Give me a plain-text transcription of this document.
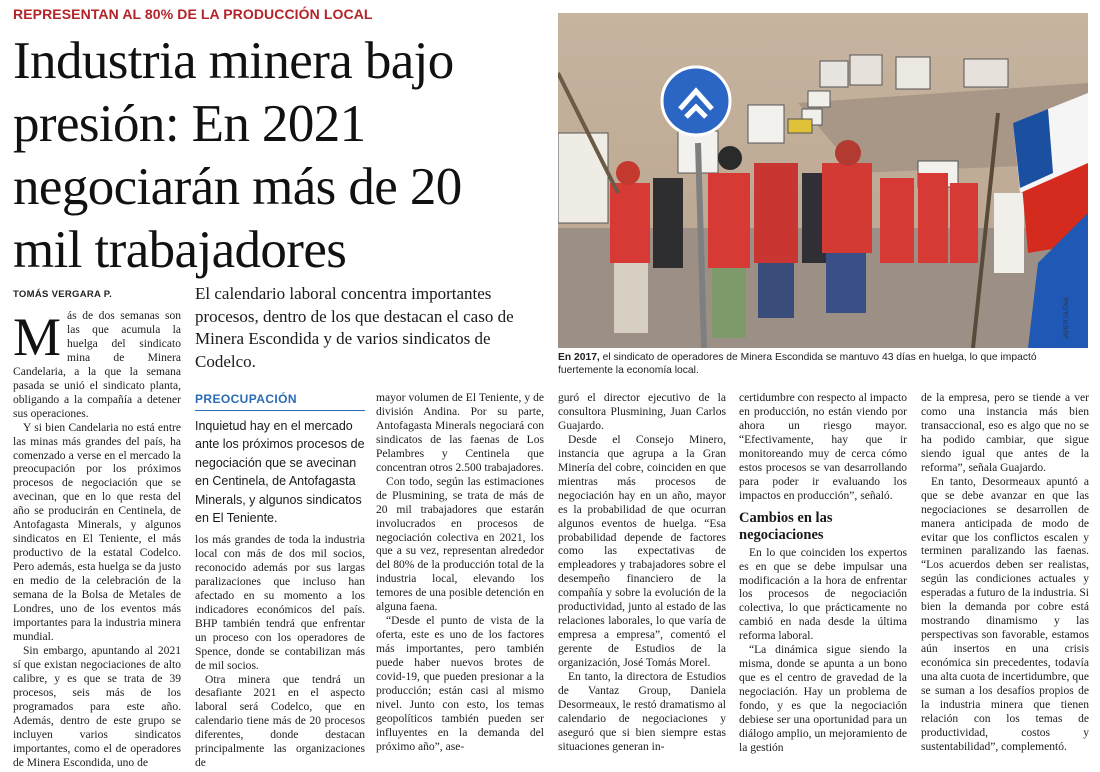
REPRESENTAN AL 80% DE LA PRODUCCIÓN LOCAL
Industria minera bajo presión: En 2021 negociarán más de 20 mil trabajadores
TOMÁS VERGARA P.	El calendario laboral concentra importantes procesos, dentro de los que destacan el caso de Minera Escondida y de varios sindicatos de Codelco.

JAVIER GLENA

En 2017, el sindicato de operadores de Minera Escondida se mantuvo 43 días en huelga, lo que impactó fuertemente la economía local.

PREOCUPACIÓN
Inquietud hay en el mercado ante los próximos procesos de negociación que se avecinan en Centinela, de Antofagasta Minerals, y algunos sindicatos en El Teniente.
M ás de dos semanas son las que acumula la huelga del sindicato mina de Minera Candelaria, a la que la semana pasada se unió el sindicato planta, obligando a la compañía a detener sus operaciones.

Y si bien Candelaria no está entre las minas más grandes del país, ha comenzado a verse en el mercado la preocupación por los próximos procesos de negociación que se avecinan, que en lo que resta del año se producirán en Centinela, de Antofagasta Minerals, y algunos sindicatos en El Teniente, el más productivo de la estatal Codelco. Pero además, esta huelga se da justo en medio de la celebración de la semana de la Bolsa de Metales de Londres, uno de los eventos más importantes para la industria minera mundial.

Sin embargo, apuntando al 2021 sí que existan negociaciones de alto calibre, y es que se trata de 39 procesos, seis más de los programados para este año. Además, dentro de este grupo se incluyen varios sindicatos importantes, como el de operadores de Minera Escondida, uno de

los más grandes de toda la industria local con más de dos mil socios, reconocido además por sus largas paralizaciones que incluso han afectado en su momento a los indicadores económicos del país. BHP también tendrá que enfrentar un proceso con los operadores de Spence, donde se contabilizan más de mil socios.

Otra minera que tendrá un desafiante 2021 en el aspecto laboral será Codelco, que en calendario tiene más de 20 procesos diferentes, donde destacan principalmente las organizaciones de

mayor volumen de El Teniente, y de división Andina. Por su parte, Antofagasta Minerals negociará con sindicatos de las faenas de Los Pelambres y Centinela que concentran otros 2.500 trabajadores.

Con todo, según las estimaciones de Plusmining, se trata de más de 20 mil trabajadores que estarán involucrados en procesos de negociación colectiva en 2021, los que a su vez, representan alrededor del 80% de la producción total de la industria local, elevando los temores de una posible detención en alguna faena.

“Desde el punto de vista de la oferta, este es uno de los factores más importantes, pero también puede haber nuevos brotes de covid-19, que pueden presionar a la producción; están casi al mismo nivel. Junto con esto, los temas geopolíticos también pueden ser influyentes en la demanda del próximo año”, ase-

guró el director ejecutivo de la consultora Plusmining, Juan Carlos Guajardo.

Desde el Consejo Minero, instancia que agrupa a la Gran Minería del cobre, coinciden en que mientras más procesos de negociación hay en un año, mayor es la probabilidad de que ocurran algunos eventos de huelga. “Esa probabilidad depende de factores como las expectativas de empleadores y trabajadores sobre el desempeño financiero de la compañía y sobre la evolución de la productividad, junto al estado de las relaciones laborales, lo que varía de empresa a empresa”, comentó el gerente de Estudios de la organización, José Tomás Morel.

En tanto, la directora de Estudios de Vantaz Group, Daniela Desormeaux, le restó dramatismo al calendario de negociaciones y aseguró que si bien siempre estas situaciones generan in-

certidumbre con respecto al impacto en producción, no están viendo por ahora un riesgo mayor. “Efectivamente, hay que ir monitoreando muy de cerca cómo estos procesos se van desarrollando para poder ir evaluando los impactos en producción”, señaló.

Cambios en las negociaciones

En lo que coinciden los expertos es en que se debe impulsar una modificación a la hora de enfrentar los procesos de negociación colectiva, lo que prácticamente no cambió en nada desde la última reforma laboral.

“La dinámica sigue siendo la misma, donde se apunta a un bono que es el centro de gravedad de la negociación. Hay un problema de fondo, y es que la negociación debiese ser una oportunidad para un diálogo amplio, un mejoramiento de la gestión

de la empresa, pero se tiende a ver como una instancia más bien transaccional, eso es algo que no se ha podido cambiar, que sigue siendo igual que antes de la reforma”, señala Guajardo.

En tanto, Desormeaux apuntó a que se debe avanzar en que las negociaciones se desarrollen de manera anticipada de modo de evitar que los conflictos escalen y terminen paralizando las faenas. “Los acuerdos deben ser realistas, según las condiciones actuales y esperadas a futuro de la industria. Si bien la demanda por cobre está mostrando dinamismo y las perspectivas son favorable, estamos aún insertos en una crisis económica sin precedentes, todavía una alta cuota de incertidumbre, que se suman a los desafíos propios de la industria minera que tienen relación con los temas de productividad, costos y sustentabilidad”, complementó.
